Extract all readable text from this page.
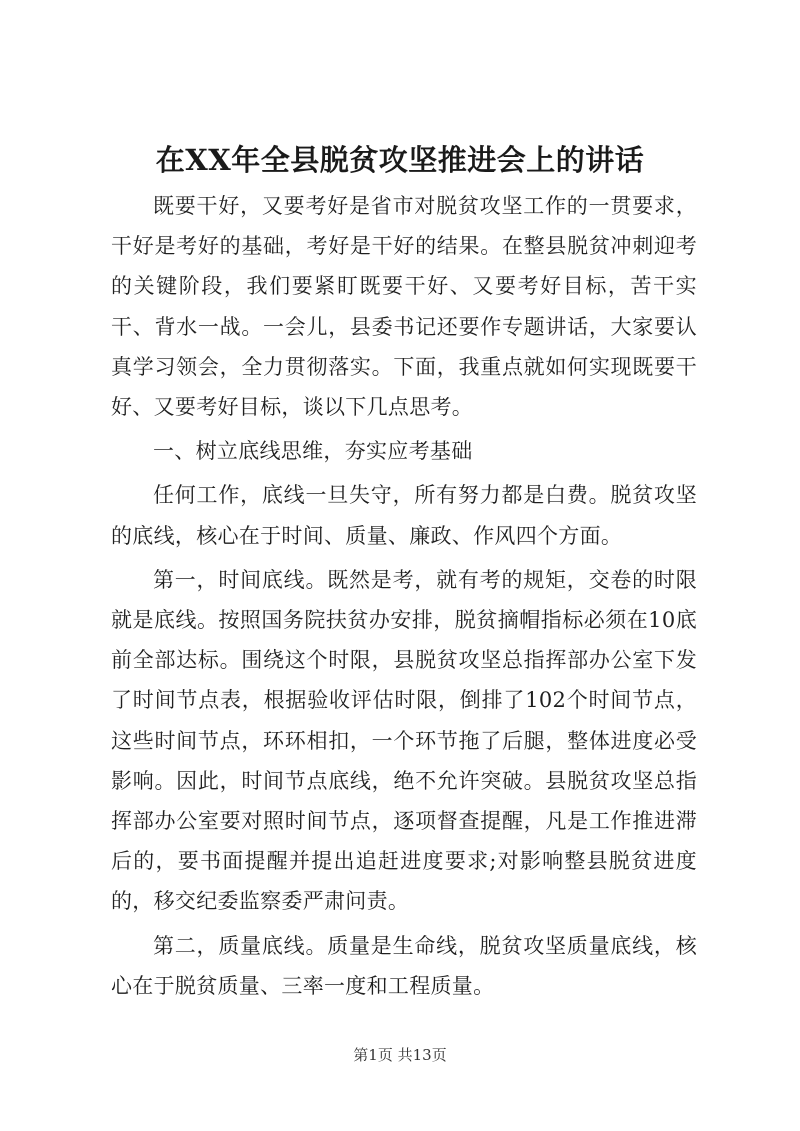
在XX年全县脱贫攻坚推进会上的讲话

既要干好，又要考好是省市对脱贫攻坚工作的一贯要求，干好是考好的基础，考好是干好的结果。在整县脱贫冲刺迎考的关键阶段，我们要紧盯既要干好、又要考好目标，苦干实干、背水一战。一会儿，县委书记还要作专题讲话，大家要认真学习领会，全力贯彻落实。下面，我重点就如何实现既要干好、又要考好目标，谈以下几点思考。

一、树立底线思维，夯实应考基础

任何工作，底线一旦失守，所有努力都是白费。脱贫攻坚的底线，核心在于时间、质量、廉政、作风四个方面。

第一，时间底线。既然是考，就有考的规矩，交卷的时限就是底线。按照国务院扶贫办安排，脱贫摘帽指标必须在10底前全部达标。围绕这个时限，县脱贫攻坚总指挥部办公室下发了时间节点表，根据验收评估时限，倒排了102个时间节点，这些时间节点，环环相扣，一个环节拖了后腿，整体进度必受影响。因此，时间节点底线，绝不允许突破。县脱贫攻坚总指挥部办公室要对照时间节点，逐项督查提醒，凡是工作推进滞后的，要书面提醒并提出追赶进度要求;对影响整县脱贫进度的，移交纪委监察委严肃问责。

第二，质量底线。质量是生命线，脱贫攻坚质量底线，核心在于脱贫质量、三率一度和工程质量。

第1页 共13页
